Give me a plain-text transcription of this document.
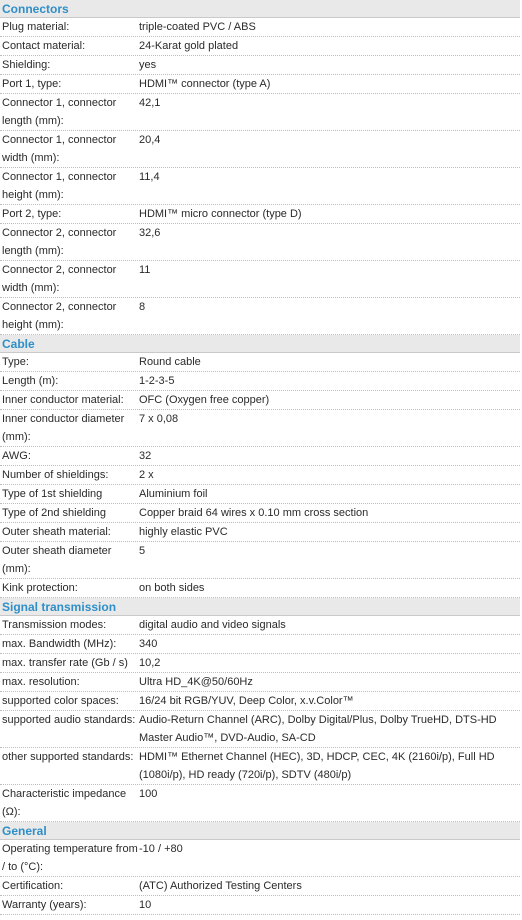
Connectors
Plug material:	triple-coated PVC / ABS
Contact material:	24-Karat gold plated
Shielding:	yes
Port 1, type:	HDMI™ connector (type A)
Connector 1, connector length (mm):
42,1
Connector 1, connector width (mm):
20,4
Connector 1, connector height (mm):
11,4
Port 2, type:	HDMI™ micro connector (type D)
Connector 2, connector length (mm):
32,6
Connector 2, connector width (mm):
11
Connector 2, connector height (mm):
8
Cable
Type:	Round cable
Length (m):	1-2-3-5
Inner conductor material:	OFC (Oxygen free copper)
Inner conductor diameter (mm):
7 x 0,08
AWG:	32
Number of shieldings:	2 x
Type of 1st shielding	Aluminium foil
Type of 2nd shielding	Copper braid 64 wires x 0.10 mm cross section
Outer sheath material:	highly elastic PVC
Outer sheath diameter (mm):
5
Kink protection:	on both sides
Signal transmission
Transmission modes:	digital audio and video signals
max. Bandwidth (MHz):	340
max. transfer rate (Gb / s)	10,2
max. resolution:	Ultra HD_4K@50/60Hz
supported color spaces:	16/24 bit RGB/YUV, Deep Color, x.v.Color™
supported audio standards: Audio-Return Channel (ARC), Dolby Digital/Plus, Dolby TrueHD, DTS-HD Master Audio™, DVD-Audio, SA-CD
other supported standards: HDMI™ Ethernet Channel (HEC), 3D, HDCP, CEC, 4K (2160i/p), Full HD (1080i/p), HD ready (720i/p), SDTV (480i/p)
Characteristic impedance (Ω):
100
General
Operating temperature from / to (°C):
-10 / +80
Certification:	(ATC) Authorized Testing Centers
Warranty (years):	10
